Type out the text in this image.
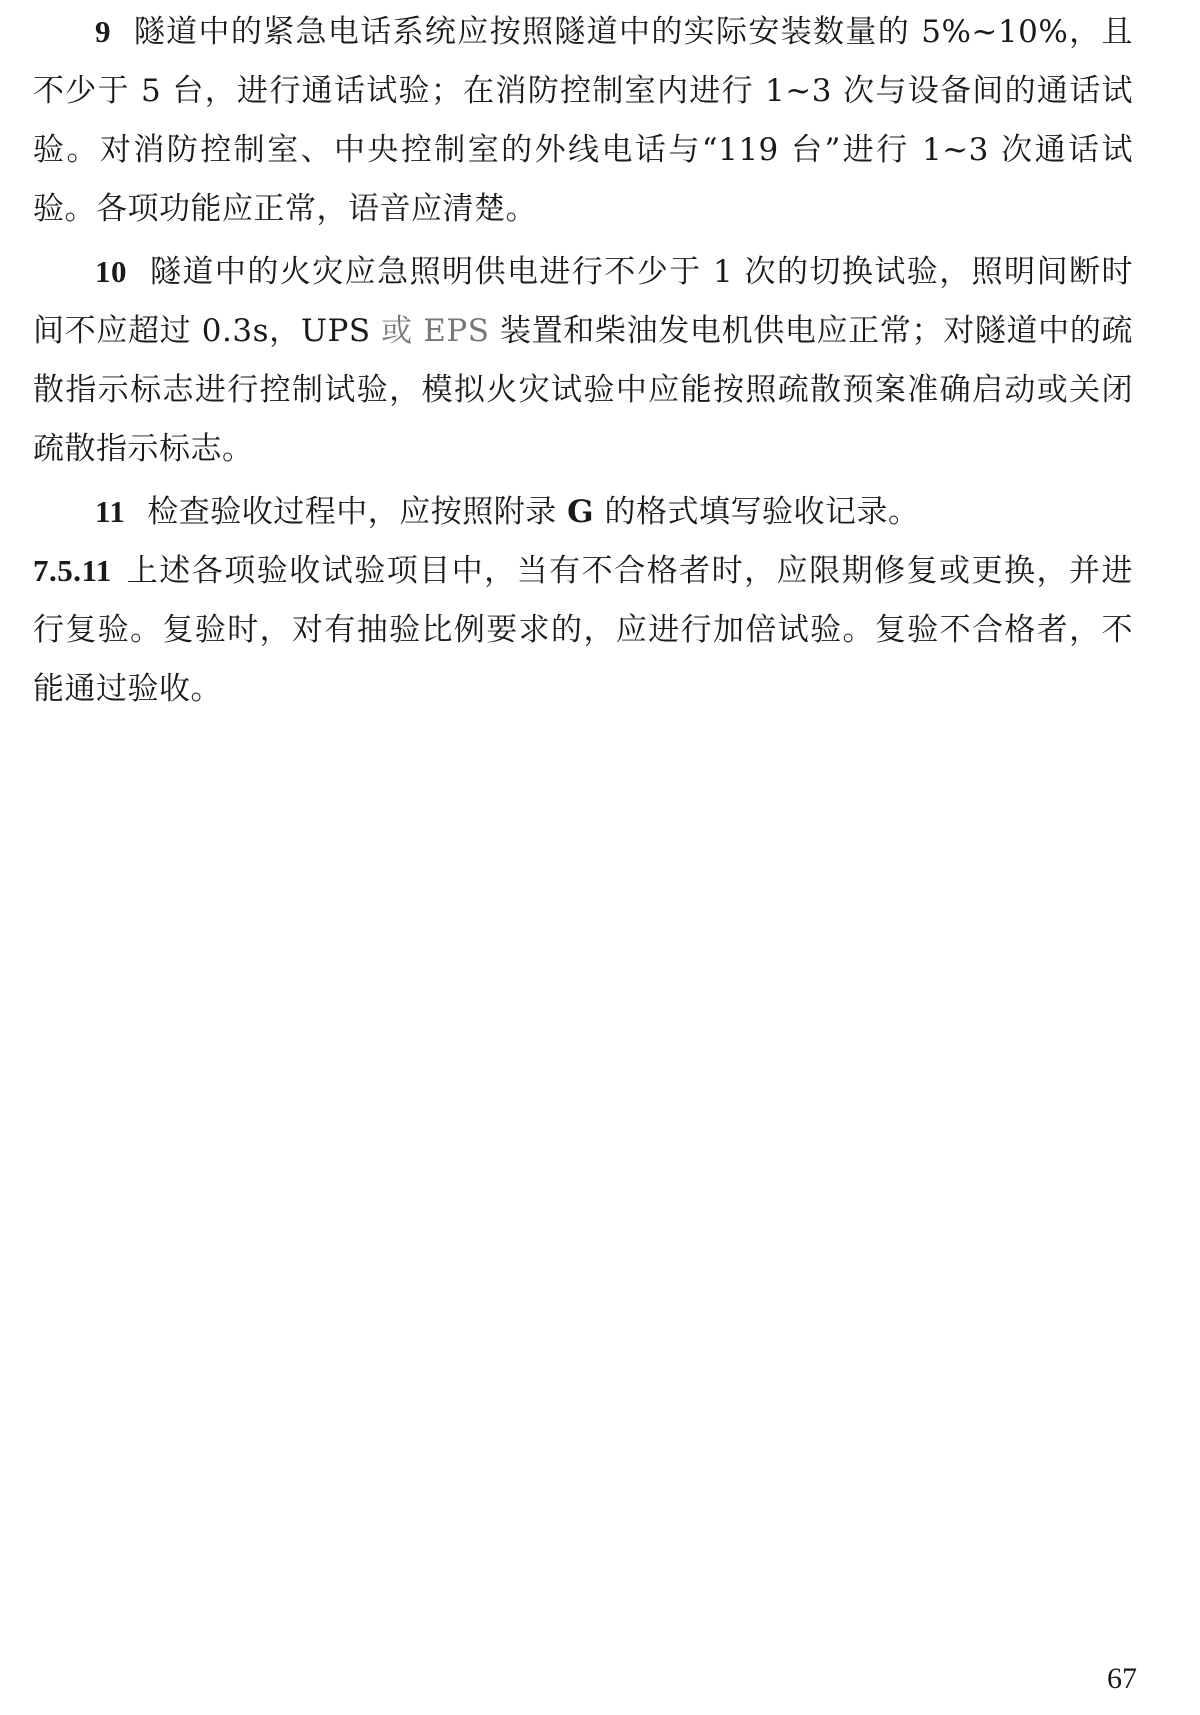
9 隧道中的紧急电话系统应按照隧道中的实际安装数量的 5%~10%，且不少于 5 台，进行通话试验；在消防控制室内进行 1~3 次与设备间的通话试验。对消防控制室、中央控制室的外线电话与“119 台”进行 1~3 次通话试验。各项功能应正常，语音应清楚。

10 隧道中的火灾应急照明供电进行不少于 1 次的切换试验，照明间断时间不应超过 0.3s，UPS 或 EPS 装置和柴油发电机供电应正常；对隧道中的疏散指示标志进行控制试验，模拟火灾试验中应能按照疏散预案准确启动或关闭疏散指示标志。

11 检查验收过程中，应按照附录 G 的格式填写验收记录。

7.5.11 上述各项验收试验项目中，当有不合格者时，应限期修复或更换，并进行复验。复验时，对有抽验比例要求的，应进行加倍试验。复验不合格者，不能通过验收。

67
